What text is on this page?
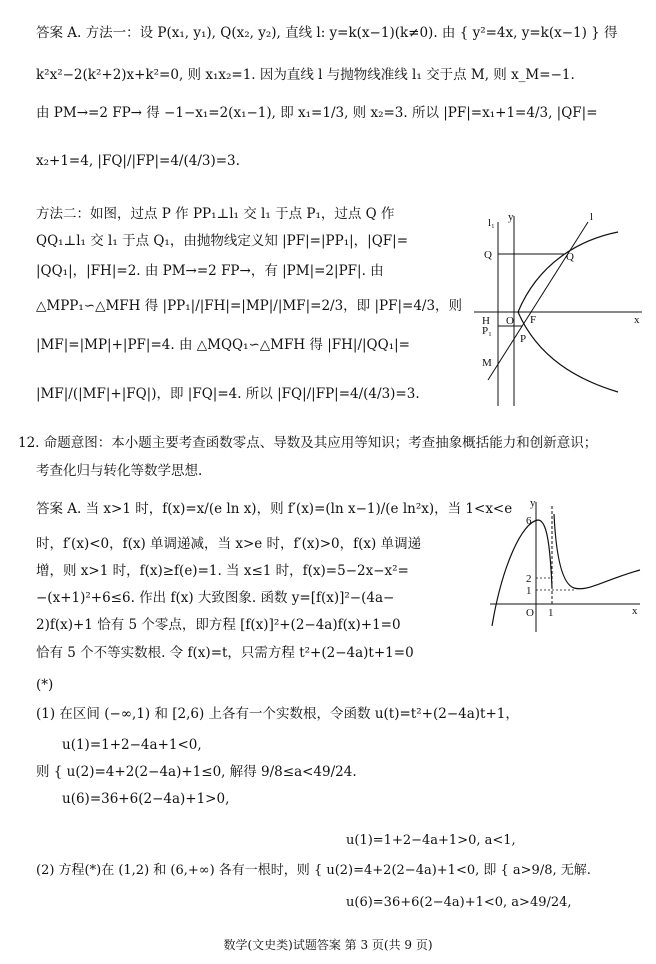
答案 A. 方法一：设 P(x₁, y₁), Q(x₂, y₂), 直线 l: y=k(x−1)(k≠0). 由 { y²=4x, y=k(x−1) } 得
k²x²−2(k²+2)x+k²=0, 则 x₁x₂=1. 因为直线 l 与抛物线准线 l₁ 交于点 M, 则 x_M=−1.
由 PM→=2 FP→ 得 −1−x₁=2(x₁−1), 即 x₁=1/3, 则 x₂=3. 所以 |PF|=x₁+1=4/3, |QF|=
x₂+1=4, |FQ|/|FP|=4/(4/3)=3.
方法二：如图，过点 P 作 PP₁⊥l₁ 交 l₁ 于点 P₁，过点 Q 作
QQ₁⊥l₁ 交 l₁ 于点 Q₁，由抛物线定义知 |PF|=|PP₁|，|QF|=
|QQ₁|，|FH|=2. 由 PM→=2 FP→，有 |PM|=2|PF|. 由
△MPP₁∽△MFH 得 |PP₁|/|FH|=|MP|/|MF|=2/3，即 |PF|=4/3，则
|MF|=|MP|+|PF|=4. 由 △MQQ₁∽△MFH 得 |FH|/|QQ₁|=
|MF|/(|MF|+|FQ|)，即 |FQ|=4. 所以 |FQ|/|FP|=4/(4/3)=3.
l₁ y	l
Q	Q
H O F	x
P₁
P
M
12. 命题意图：本小题主要考查函数零点、导数及其应用等知识；考查抽象概括能力和创新意识；
考查化归与转化等数学思想.
答案 A. 当 x>1 时，f(x)=x/(e ln x)，则 f′(x)=(ln x−1)/(e ln²x)，当 1<x<e
时，f′(x)<0，f(x) 单调递减，当 x>e 时，f′(x)>0，f(x) 单调递
增，则 x>1 时，f(x)≥f(e)=1. 当 x≤1 时，f(x)=5−2x−x²=
−(x+1)²+6≤6. 作出 f(x) 大致图象. 函数 y=[f(x)]²−(4a−
2)f(x)+1 恰有 5 个零点，即方程 [f(x)]²+(2−4a)f(x)+1=0
恰有 5 个不等实数根. 令 f(x)=t，只需方程 t²+(2−4a)t+1=0
(*)
(1) 在区间 (−∞,1) 和 [2,6) 上各有一个实数根，令函数 u(t)=t²+(2−4a)t+1，
u(1)=1+2−4a+1<0,
则 { u(2)=4+2(2−4a)+1≤0, 解得 9/8≤a<49/24.
u(6)=36+6(2−4a)+1>0,
u(1)=1+2−4a+1>0, a<1,
(2) 方程(*)在 (1,2) 和 (6,+∞) 各有一根时，则 { u(2)=4+2(2−4a)+1<0, 即 { a>9/8, 无解.
u(6)=36+6(2−4a)+1<0, a>49/24,
y
6
2
1
O 1	x
数学(文史类)试题答案 第 3 页(共 9 页)
